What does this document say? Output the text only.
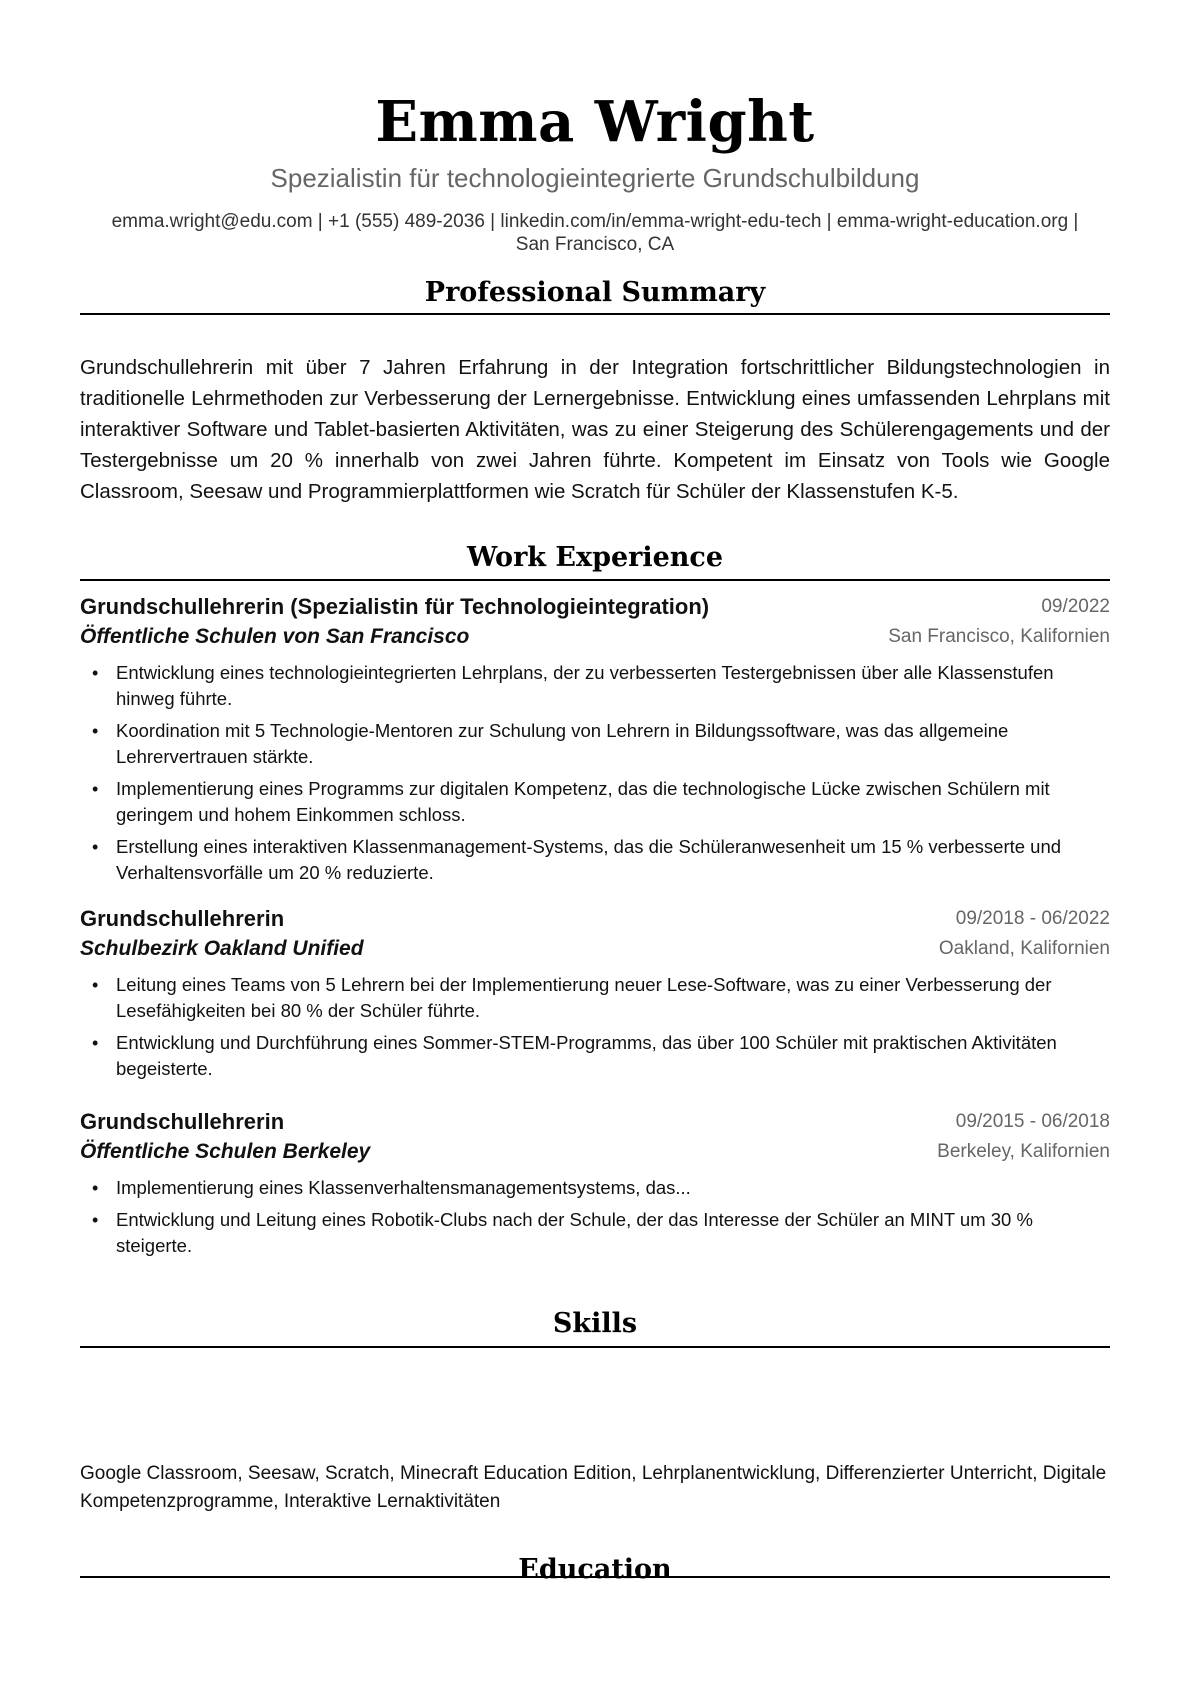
Emma Wright
Spezialistin für technologieintegrierte Grundschulbildung
emma.wright@edu.com | +1 (555) 489-2036 | linkedin.com/in/emma-wright-edu-tech | emma-wright-education.org |
San Francisco, CA
Professional Summary

Grundschullehrerin mit über 7 Jahren Erfahrung in der Integration fortschrittlicher Bildungstechnologien in traditionelle Lehrmethoden zur Verbesserung der Lernergebnisse. Entwicklung eines umfassenden Lehrplans mit interaktiver Software und Tablet-basierten Aktivitäten, was zu einer Steigerung des Schülerengagements und der Testergebnisse um 20 % innerhalb von zwei Jahren führte. Kompetent im Einsatz von Tools wie Google Classroom, Seesaw und Programmierplattformen wie Scratch für Schüler der Klassenstufen K-5.

Work Experience
Grundschullehrerin (Spezialistin für Technologieintegration)	09/2022
Öffentliche Schulen von San Francisco	San Francisco, Kalifornien
• Entwicklung eines technologieintegrierten Lehrplans, der zu verbesserten Testergebnissen über alle Klassenstufen hinweg führte.
• Koordination mit 5 Technologie-Mentoren zur Schulung von Lehrern in Bildungssoftware, was das allgemeine Lehrervertrauen stärkte.
• Implementierung eines Programms zur digitalen Kompetenz, das die technologische Lücke zwischen Schülern mit geringem und hohem Einkommen schloss.
• Erstellung eines interaktiven Klassenmanagement-Systems, das die Schüleranwesenheit um 15 % verbesserte und Verhaltensvorfälle um 20 % reduzierte.
Grundschullehrerin	09/2018 - 06/2022
Schulbezirk Oakland Unified	Oakland, Kalifornien
• Leitung eines Teams von 5 Lehrern bei der Implementierung neuer Lese-Software, was zu einer Verbesserung der Lesefähigkeiten bei 80 % der Schüler führte.
• Entwicklung und Durchführung eines Sommer-STEM-Programms, das über 100 Schüler mit praktischen Aktivitäten begeisterte.
Grundschullehrerin	09/2015 - 06/2018
Öffentliche Schulen Berkeley	Berkeley, Kalifornien
• Implementierung eines Klassenverhaltensmanagementsystems, das...
• Entwicklung und Leitung eines Robotik-Clubs nach der Schule, der das Interesse der Schüler an MINT um 30 % steigerte.
Skills

Google Classroom, Seesaw, Scratch, Minecraft Education Edition, Lehrplanentwicklung, Differenzierter Unterricht, Digitale Kompetenzprogramme, Interaktive Lernaktivitäten

Education
